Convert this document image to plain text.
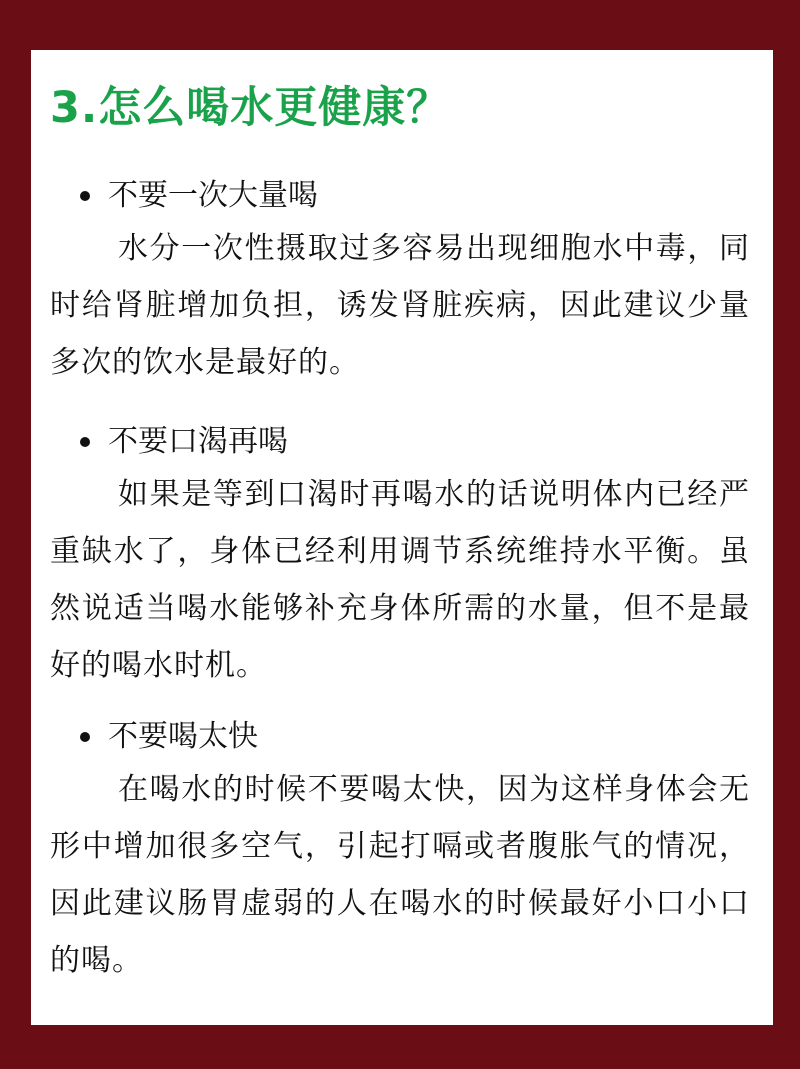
3.怎么喝水更健康？
不要一次大量喝

水分一次性摄取过多容易出现细胞水中毒，同时给肾脏增加负担，诱发肾脏疾病，因此建议少量多次的饮水是最好的。

不要口渴再喝

如果是等到口渴时再喝水的话说明体内已经严重缺水了，身体已经利用调节系统维持水平衡。虽然说适当喝水能够补充身体所需的水量，但不是最好的喝水时机。

不要喝太快

在喝水的时候不要喝太快，因为这样身体会无形中增加很多空气，引起打嗝或者腹胀气的情况，因此建议肠胃虚弱的人在喝水的时候最好小口小口的喝。
